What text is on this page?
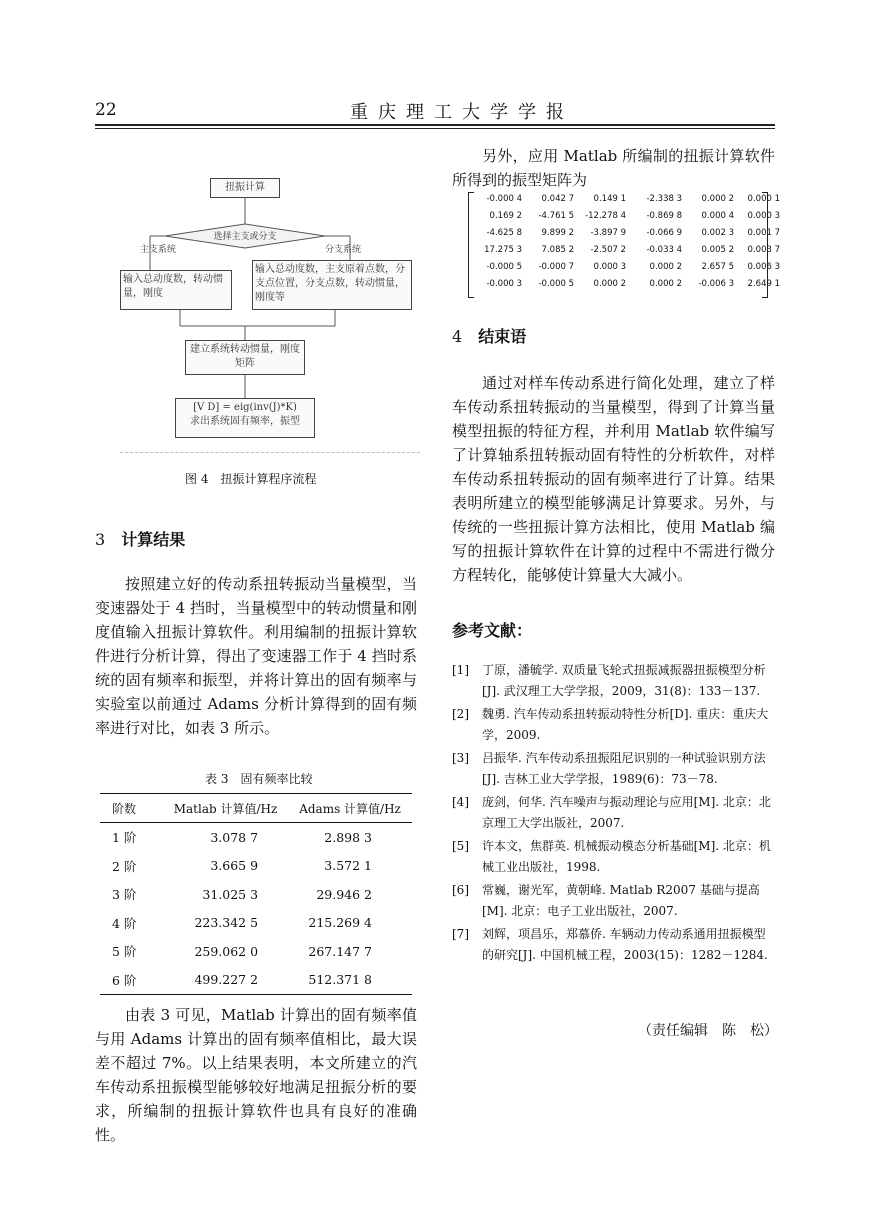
22	重庆理工大学学报
扭振计算
选择主支或分支
主支系统	分支系统
输入总动度数，转动惯量，刚度
输入总动度数，主支原着点数，分支点位置，分支点数，转动惯量，刚度等
建立系统转动惯量，刚度矩阵
[V D] = eig(inv(J)*K)
求出系统固有频率，振型
图 4　扭振计算程序流程
3 计算结果

按照建立好的传动系扭转振动当量模型，当变速器处于 4 挡时，当量模型中的转动惯量和刚度值输入扭振计算软件。利用编制的扭振计算软件进行分析计算，得出了变速器工作于 4 挡时系统的固有频率和振型，并将计算出的固有频率与实验室以前通过 Adams 分析计算得到的固有频率进行对比，如表 3 所示。

表 3　固有频率比较
阶数	Matlab 计算值/Hz	Adams 计算值/Hz
1 阶	3.078 7	2.898 3
2 阶	3.665 9	3.572 1
3 阶	31.025 3	29.946 2
4 阶	223.342 5	215.269 4
5 阶	259.062 0	267.147 7
6 阶	499.227 2	512.371 8

由表 3 可见，Matlab 计算出的固有频率值与用 Adams 计算出的固有频率值相比，最大误差不超过 7%。以上结果表明，本文所建立的汽车传动系扭振模型能够较好地满足扭振分析的要求，所编制的扭振计算软件也具有良好的准确性。

另外，应用 Matlab 所编制的扭振计算软件所得到的振型矩阵为

-0.000 4	0.042 7	0.149 1	-2.338 3	0.000 2	0.000 1
0.169 2	-4.761 5	-12.278 4	-0.869 8	0.000 4	0.000 3
-4.625 8	9.899 2	-3.897 9	-0.066 9	0.002 3	0.001 7
17.275 3	7.085 2	-2.507 2	-0.033 4	0.005 2	0.003 7
-0.000 5	-0.000 7	0.000 3	0.000 2	2.657 5	0.006 3
-0.000 3	-0.000 5	0.000 2	0.000 2	-0.006 3	2.649 1
4 结束语

通过对样车传动系进行简化处理，建立了样车传动系扭转振动的当量模型，得到了计算当量模型扭振的特征方程，并利用 Matlab 软件编写了计算轴系扭转振动固有特性的分析软件，对样车传动系扭转振动的固有频率进行了计算。结果表明所建立的模型能够满足计算要求。另外，与传统的一些扭振计算方法相比，使用 Matlab 编写的扭振计算软件在计算的过程中不需进行微分方程转化，能够使计算量大大减小。

参考文献：
[1] 丁原，潘毓学. 双质量飞轮式扭振减振器扭振模型分析[J]. 武汉理工大学学报，2009，31(8)：133－137.
[2] 魏勇. 汽车传动系扭转振动特性分析[D]. 重庆：重庆大学，2009.
[3] 吕振华. 汽车传动系扭振阻尼识别的一种试验识别方法[J]. 吉林工业大学学报，1989(6)：73－78.
[4] 庞剑，何华. 汽车噪声与振动理论与应用[M]. 北京：北京理工大学出版社，2007.
[5] 许本文，焦群英. 机械振动模态分析基础[M]. 北京：机械工业出版社，1998.
[6] 常巍，谢光军，黄朝峰. Matlab R2007 基础与提高[M]. 北京：电子工业出版社，2007.
[7] 刘辉，项昌乐，郑慕侨. 车辆动力传动系通用扭振模型的研究[J]. 中国机械工程，2003(15)：1282－1284.
（责任编辑　陈　松）
